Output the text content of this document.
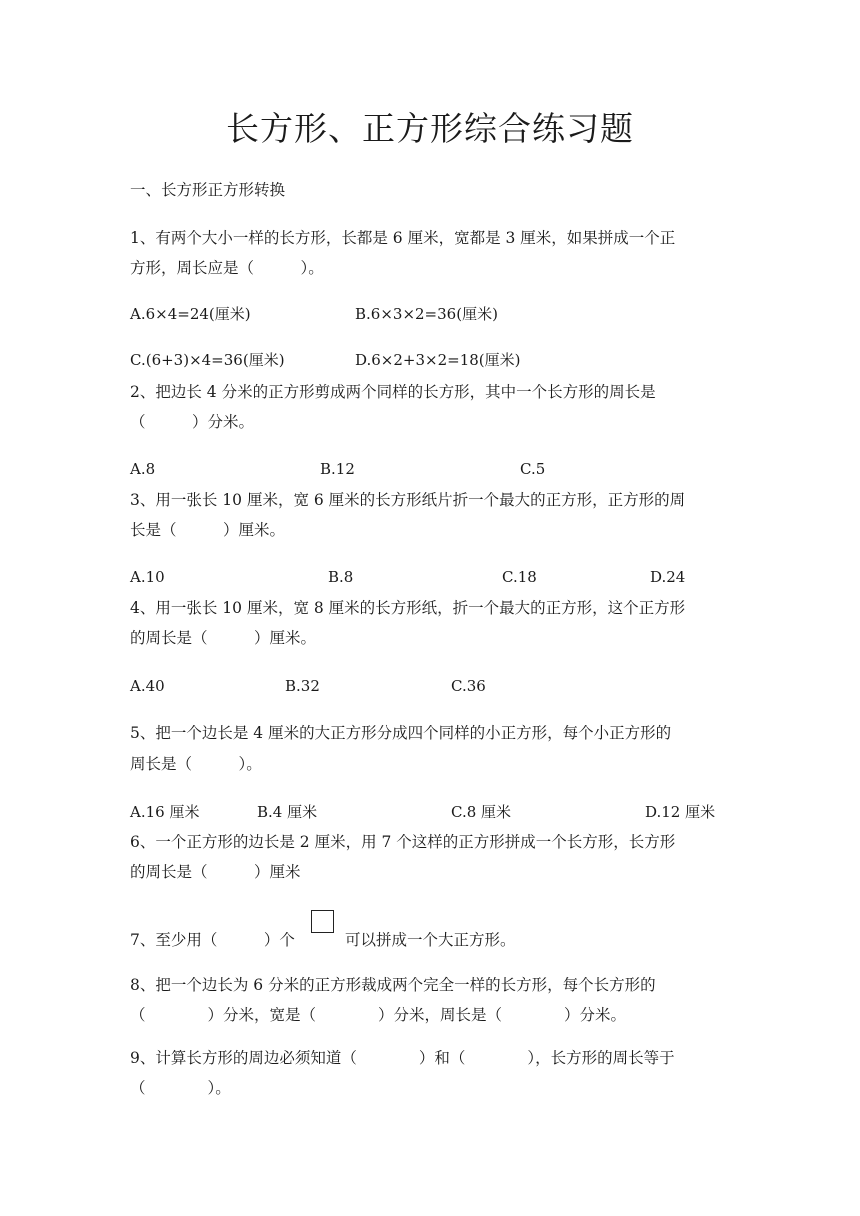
长方形、正方形综合练习题
一、长方形正方形转换
1、有两个大小一样的长方形，长都是 6 厘米，宽都是 3 厘米，如果拼成一个正
方形，周长应是（　　　）。
A.6×4=24(厘米)	B.6×3×2=36(厘米)
C.(6+3)×4=36(厘米)	D.6×2+3×2=18(厘米)
2、把边长 4 分米的正方形剪成两个同样的长方形，其中一个长方形的周长是
（　　　）分米。
A.8	B.12	C.5
3、用一张长 10 厘米，宽 6 厘米的长方形纸片折一个最大的正方形，正方形的周
长是（　　　）厘米。
A.10	B.8	C.18	D.24
4、用一张长 10 厘米，宽 8 厘米的长方形纸，折一个最大的正方形，这个正方形
的周长是（　　　）厘米。
A.40	B.32	C.36
5、把一个边长是 4 厘米的大正方形分成四个同样的小正方形，每个小正方形的
周长是（　　　）。
A.16 厘米	B.4 厘米	C.8 厘米	D.12 厘米
6、一个正方形的边长是 2 厘米，用 7 个这样的正方形拼成一个长方形，长方形
的周长是（　　　）厘米
7、至少用（　　　）个	可以拼成一个大正方形。
8、把一个边长为 6 分米的正方形裁成两个完全一样的长方形，每个长方形的
（　　　　）分米，宽是（　　　　）分米，周长是（　　　　）分米。
9、计算长方形的周边必须知道（　　　　）和（　　　　），长方形的周长等于
（　　　　）。
